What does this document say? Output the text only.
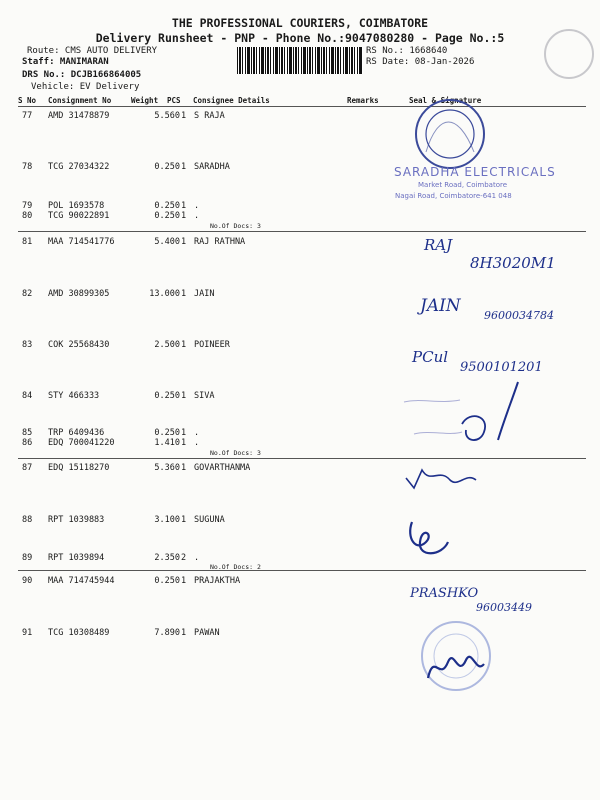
THE PROFESSIONAL COURIERS, COIMBATORE
Delivery Runsheet - PNP - Phone No.:9047080280 - Page No.:5
Route: CMS AUTO DELIVERY
Staff: MANIMARAN
DRS No.: DCJB166864005
Vehicle: EV Delivery
RS No.: 1668640
RS Date: 08-Jan-2026
S No Consignment No	Weight PCS Consignee Details	Remarks	Seal & Signature
77 AMD 31478879	5.560 1 S RAJA
78 TCG 27034322	0.250 1 SARADHA
79 POL 1693578	0.250 1 .
80 TCG 90022891	0.250 1 .
No.Of Docs: 3
81 MAA 714541776	5.400 1 RAJ RATHNA
82 AMD 30899305	13.000 1 JAIN
83 COK 25568430	2.500 1 POINEER
84 STY 466333	0.250 1 SIVA
85 TRP 6409436	0.250 1 .
86 EDQ 700041220	1.410 1 .
No.Of Docs: 3
87 EDQ 15118270	5.360 1 GOVARTHANMA
88 RPT 1039883	3.100 1 SUGUNA
89 RPT 1039894	2.350 2 .
No.Of Docs: 2
90 MAA 714745944	0.250 1 PRAJAKTHA
91 TCG 10308489	7.890 1 PAWAN
SARADHA ELECTRICALS
Market Road, Coimbatore
Nagai Road, Coimbatore-641 048
RAJ
8H3020M1
JAIN 9600034784
PCul
9500101201
PRASHKO
96003449
